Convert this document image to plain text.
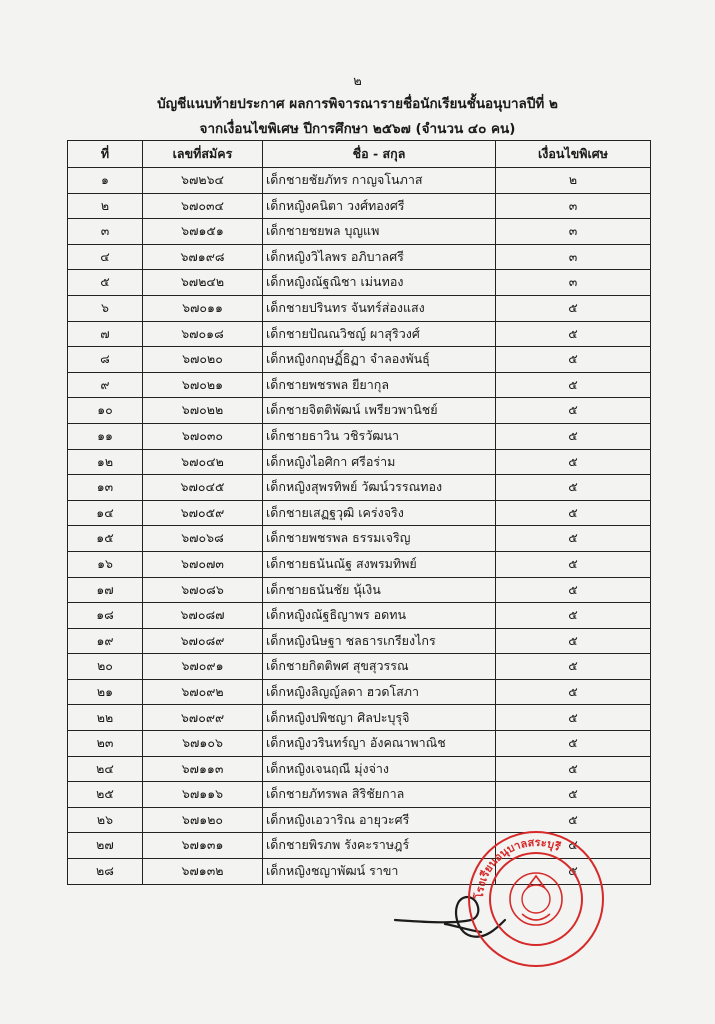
๒
บัญชีแนบท้ายประกาศ ผลการพิจารณารายชื่อนักเรียนชั้นอนุบาลปีที่ ๒
จากเงื่อนไขพิเศษ ปีการศึกษา ๒๕๖๗ (จำนวน ๔๐ คน)
ที่	เลขที่สมัคร	ชื่อ - สกุล	เงื่อนไขพิเศษ
๑	๖๗๒๖๔	เด็กชายชัยภัทร กาญจโนภาส	๒
๒	๖๗๐๓๔	เด็กหญิงคนิตา วงศ์ทองศรี	๓
๓	๖๗๑๕๑	เด็กชายชยพล บุญแพ	๓
๔	๖๗๑๙๘	เด็กหญิงวิไลพร อภิบาลศรี	๓
๕	๖๗๒๔๒	เด็กหญิงณัฐณิชา เม่นทอง	๓
๖	๖๗๐๑๑	เด็กชายปรินทร จันทร์ส่องแสง	๕
๗	๖๗๐๑๘	เด็กชายปัณณวิชญ์ ผาสุริวงศ์	๕
๘	๖๗๐๒๐	เด็กหญิงกฤษฏิ์ธิฏา จำลองพันธุ์	๕
๙	๖๗๐๒๑	เด็กชายพชรพล ยียากุล	๕
๑๐	๖๗๐๒๒	เด็กชายจิตติพัฒน์ เพรียวพานิชย์	๕
๑๑	๖๗๐๓๐	เด็กชายธาวิน วชิรวัฒนา	๕
๑๒	๖๗๐๔๒	เด็กหญิงไอศิกา ศรีอร่าม	๕
๑๓	๖๗๐๔๕	เด็กหญิงสุพรทิพย์ วัฒน์วรรณทอง	๕
๑๔	๖๗๐๕๙	เด็กชายเสฏฐวุฒิ เคร่งจริง	๕
๑๕	๖๗๐๖๘	เด็กชายพชรพล ธรรมเจริญ	๕
๑๖	๖๗๐๗๓	เด็กชายธนันณัฐ สงพรมทิพย์	๕
๑๗	๖๗๐๘๖	เด็กชายธนันชัย นุ้เงิน	๕
๑๘	๖๗๐๘๗	เด็กหญิงณัฐธิญาพร อดทน	๕
๑๙	๖๗๐๘๙	เด็กหญิงนิษฐา ชลธารเกรียงไกร	๕
๒๐	๖๗๐๙๑	เด็กชายกิตติพศ สุขสุวรรณ	๕
๒๑	๖๗๐๙๒	เด็กหญิงลิญญ์ลดา ฮวดโสภา	๕
๒๒	๖๗๐๙๙	เด็กหญิงปพิชญา ศิลปะบุรุจิ	๕
๒๓	๖๗๑๐๖	เด็กหญิงวรินทร์ญา อังคณาพาณิช	๕
๒๔	๖๗๑๑๓	เด็กหญิงเจนฤณี มุ่งจ่าง	๕
๒๕	๖๗๑๑๖	เด็กชายภัทรพล สิริชัยกาล	๕
๒๖	๖๗๑๒๐	เด็กหญิงเอวาริณ อายุวะศรี	๕
๒๗	๖๗๑๓๑	เด็กชายพิรภพ รังคะราษฎร์	๕
๒๘	๖๗๑๓๒	เด็กหญิงชญาพัฒน์ ราขา	๕
โรงเรียนอนุบาลสระบุรี
